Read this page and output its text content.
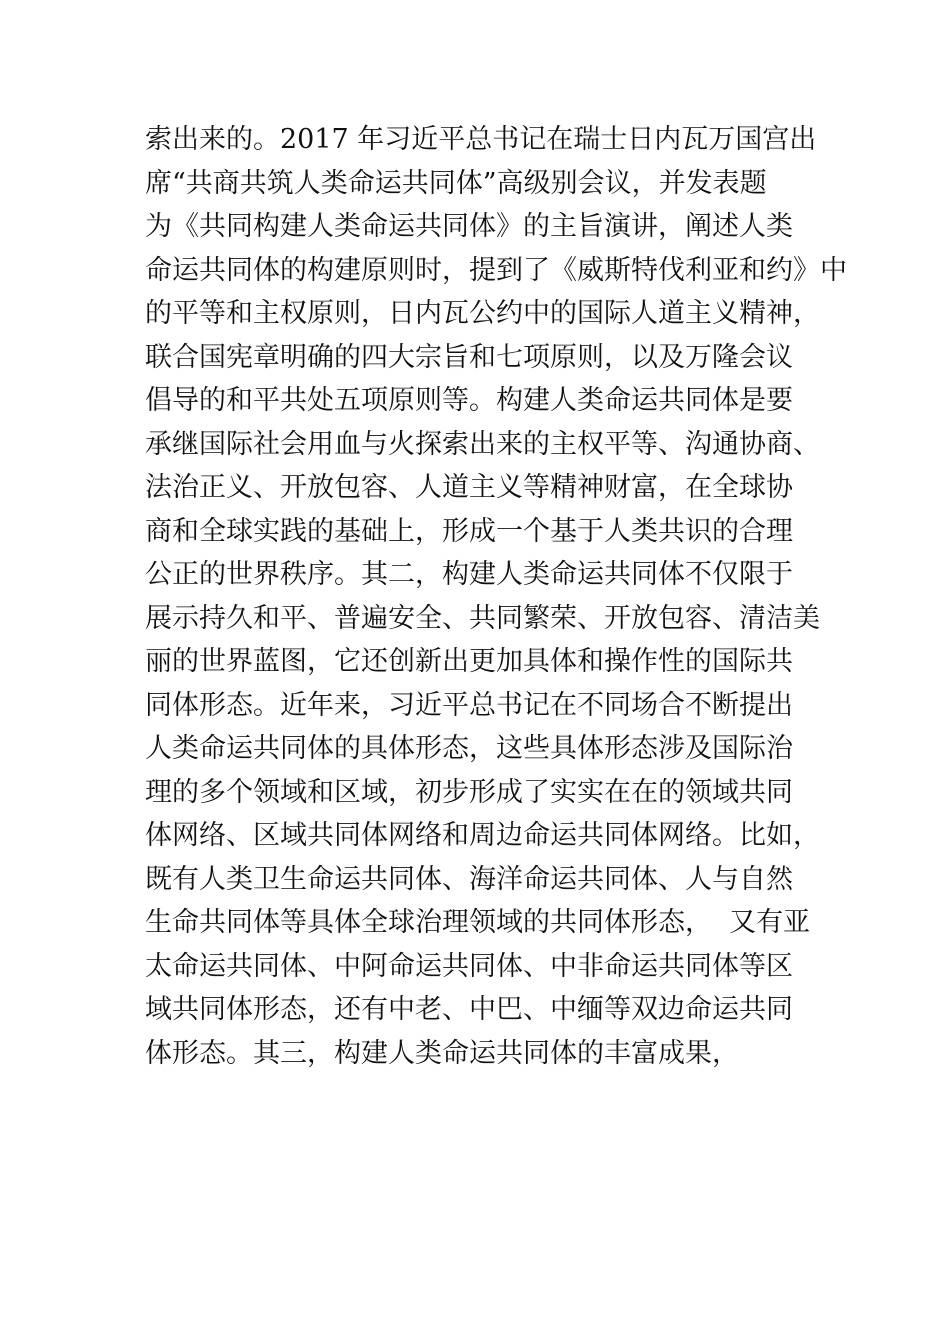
索出来的。2017 年习近平总书记在瑞士日内瓦万国宫出
席“共商共筑人类命运共同体”高级别会议，并发表题
为《共同构建人类命运共同体》的主旨演讲，阐述人类
命运共同体的构建原则时，提到了《威斯特伐利亚和约》中
的平等和主权原则，日内瓦公约中的国际人道主义精神，
联合国宪章明确的四大宗旨和七项原则，以及万隆会议
倡导的和平共处五项原则等。构建人类命运共同体是要
承继国际社会用血与火探索出来的主权平等、沟通协商、
法治正义、开放包容、人道主义等精神财富，在全球协
商和全球实践的基础上，形成一个基于人类共识的合理
公正的世界秩序。其二，构建人类命运共同体不仅限于
展示持久和平、普遍安全、共同繁荣、开放包容、清洁美
丽的世界蓝图，它还创新出更加具体和操作性的国际共
同体形态。近年来，习近平总书记在不同场合不断提出
人类命运共同体的具体形态，这些具体形态涉及国际治
理的多个领域和区域，初步形成了实实在在的领域共同
体网络、区域共同体网络和周边命运共同体网络。比如，
既有人类卫生命运共同体、海洋命运共同体、人与自然
生命共同体等具体全球治理领域的共同体形态，  又有亚
太命运共同体、中阿命运共同体、中非命运共同体等区
域共同体形态，还有中老、中巴、中缅等双边命运共同
体形态。其三，构建人类命运共同体的丰富成果，
